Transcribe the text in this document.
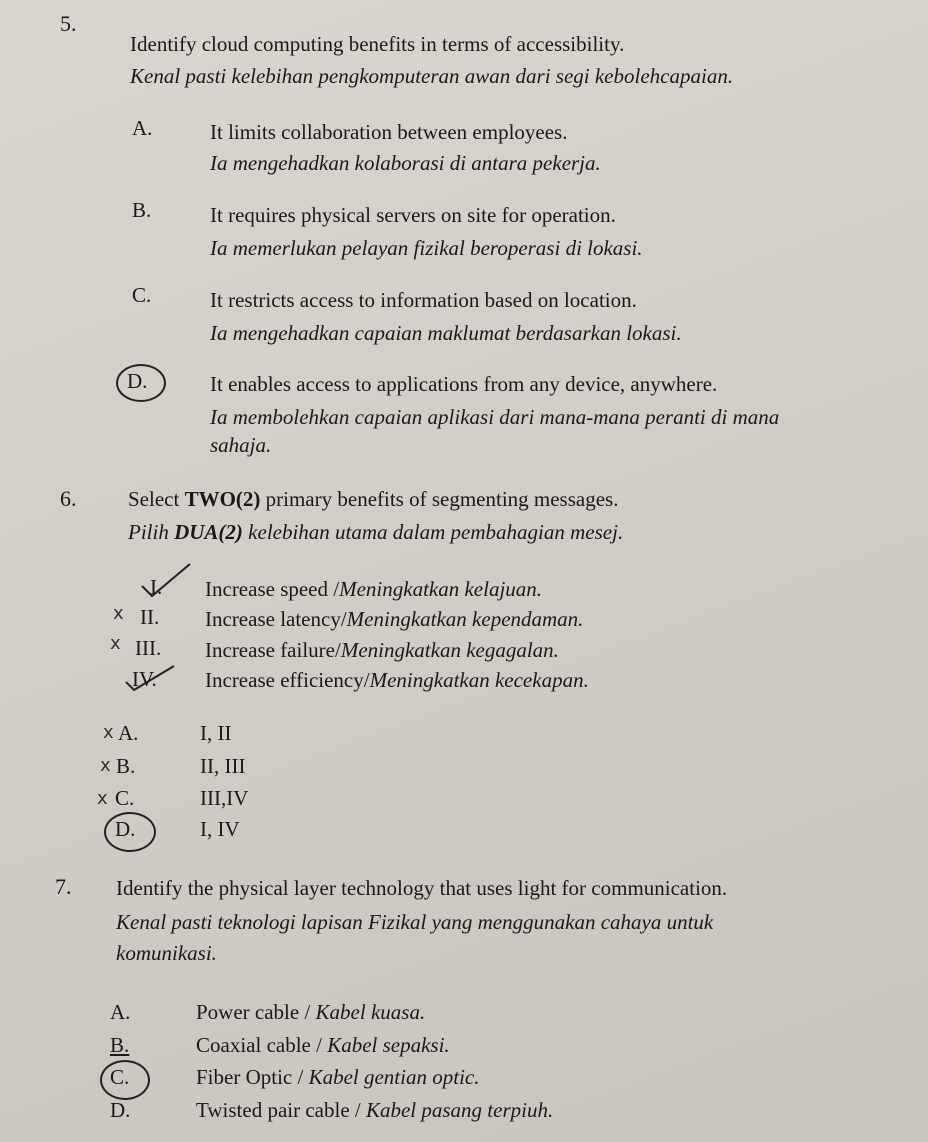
5.
Identify cloud computing benefits in terms of accessibility.
Kenal pasti kelebihan pengkomputeran awan dari segi kebolehcapaian.
A.	It limits collaboration between employees.
Ia mengehadkan kolaborasi di antara pekerja.
B.	It requires physical servers on site for operation.
Ia memerlukan pelayan fizikal beroperasi di lokasi.
C.	It restricts access to information based on location.
Ia mengehadkan capaian maklumat berdasarkan lokasi.
D.	It enables access to applications from any device, anywhere.
Ia membolehkan capaian aplikasi dari mana-mana peranti di mana
sahaja.
6. Select TWO(2) primary benefits of segmenting messages.
Pilih DUA(2) kelebihan utama dalam pembahagian mesej.
x
x
I. Increase speed /Meningkatkan kelajuan.
II. Increase latency/Meningkatkan kependaman.
III. Increase failure/Meningkatkan kegagalan.
IV. Increase efficiency/Meningkatkan kecekapan.
x A.	I, II
x B.	II, III
x C.	III,IV
D.	I, IV
7. Identify the physical layer technology that uses light for communication.
Kenal pasti teknologi lapisan Fizikal yang menggunakan cahaya untuk
komunikasi.
A.	Power cable / Kabel kuasa.
B.	Coaxial cable / Kabel sepaksi.
C.	Fiber Optic / Kabel gentian optic.
D.	Twisted pair cable / Kabel pasang terpiuh.
